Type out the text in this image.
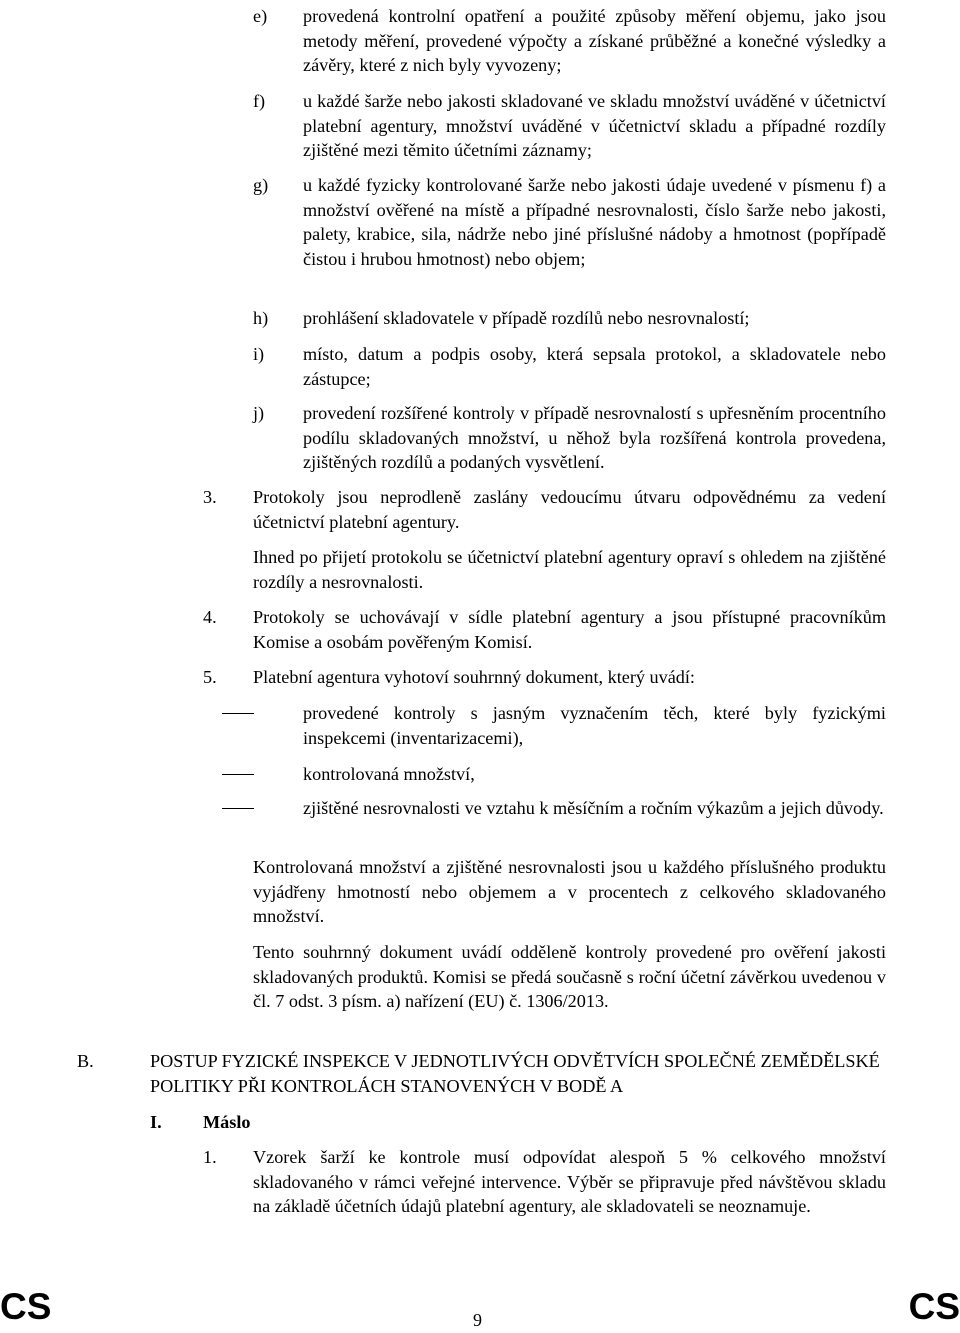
e) provedená kontrolní opatření a použité způsoby měření objemu, jako jsou metody měření, provedené výpočty a získané průběžné a konečné výsledky a závěry, které z nich byly vyvozeny;
f) u každé šarže nebo jakosti skladované ve skladu množství uváděné v účetnictví platební agentury, množství uváděné v účetnictví skladu a případné rozdíly zjištěné mezi těmito účetními záznamy;
g) u každé fyzicky kontrolované šarže nebo jakosti údaje uvedené v písmenu f) a množství ověřené na místě a případné nesrovnalosti, číslo šarže nebo jakosti, palety, krabice, sila, nádrže nebo jiné příslušné nádoby a hmotnost (popřípadě čistou i hrubou hmotnost) nebo objem;
h) prohlášení skladovatele v případě rozdílů nebo nesrovnalostí;
i) místo, datum a podpis osoby, která sepsala protokol, a skladovatele nebo zástupce;
j) provedení rozšířené kontroly v případě nesrovnalostí s upřesněním procentního podílu skladovaných množství, u něhož byla rozšířená kontrola provedena, zjištěných rozdílů a podaných vysvětlení.
3. Protokoly jsou neprodleně zaslány vedoucímu útvaru odpovědnému za vedení účetnictví platební agentury.
Ihned po přijetí protokolu se účetnictví platební agentury opraví s ohledem na zjištěné rozdíly a nesrovnalosti.
4. Protokoly se uchovávají v sídle platební agentury a jsou přístupné pracovníkům Komise a osobám pověřeným Komisí.
5. Platební agentura vyhotoví souhrnný dokument, který uvádí:
provedené kontroly s jasným vyznačením těch, které byly fyzickými inspekcemi (inventarizacemi),
kontrolovaná množství,
zjištěné nesrovnalosti ve vztahu k měsíčním a ročním výkazům a jejich důvody.
Kontrolovaná množství a zjištěné nesrovnalosti jsou u každého příslušného produktu vyjádřeny hmotností nebo objemem a v procentech z celkového skladovaného množství.
Tento souhrnný dokument uvádí odděleně kontroly provedené pro ověření jakosti skladovaných produktů. Komisi se předá současně s roční účetní závěrkou uvedenou v čl. 7 odst. 3 písm. a) nařízení (EU) č. 1306/2013.
B.	POSTUP FYZICKÉ INSPEKCE V JEDNOTLIVÝCH ODVĚTVÍCH SPOLEČNÉ ZEMĚDĚLSKÉ POLITIKY PŘI KONTROLÁCH STANOVENÝCH V BODĚ A
I. Máslo
1. Vzorek šarží ke kontrole musí odpovídat alespoň 5 % celkového množství skladovaného v rámci veřejné intervence. Výběr se připravuje před návštěvou skladu na základě účetních údajů platební agentury, ale skladovateli se neoznamuje.
CS	9	CS
